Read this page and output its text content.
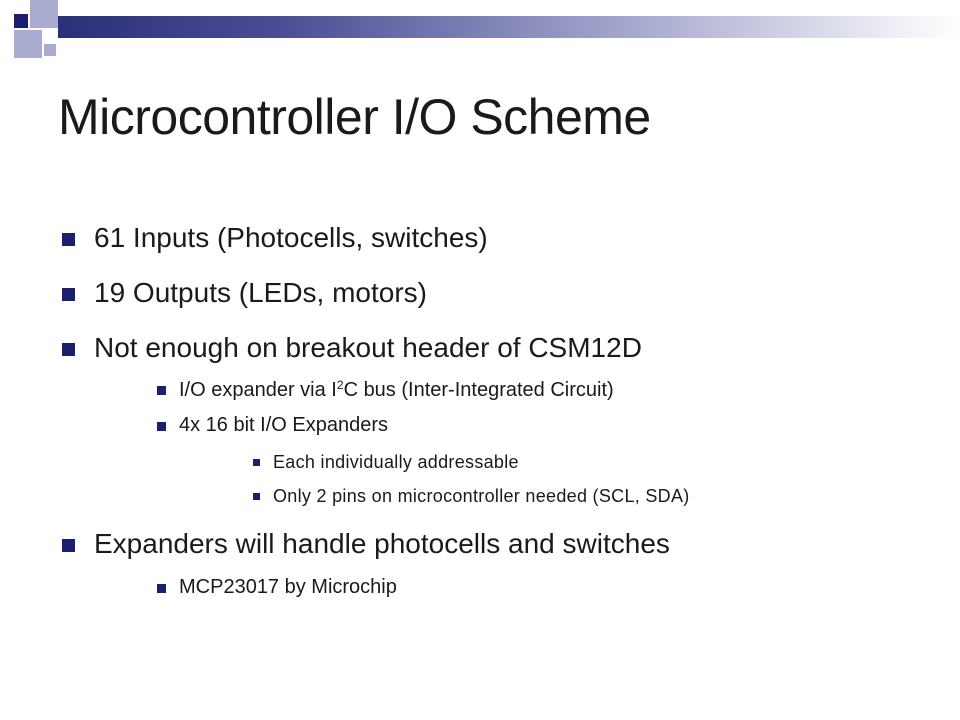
Microcontroller I/O Scheme
61 Inputs (Photocells, switches)
19 Outputs (LEDs, motors)
Not enough on breakout header of CSM12D
I/O expander via $I^2C$ bus (Inter-Integrated Circuit)
4x 16 bit I/O Expanders
Each individually addressable
Only 2 pins on microcontroller needed (SCL, SDA)
Expanders will handle photocells and switches
MCP23017 by Microchip
